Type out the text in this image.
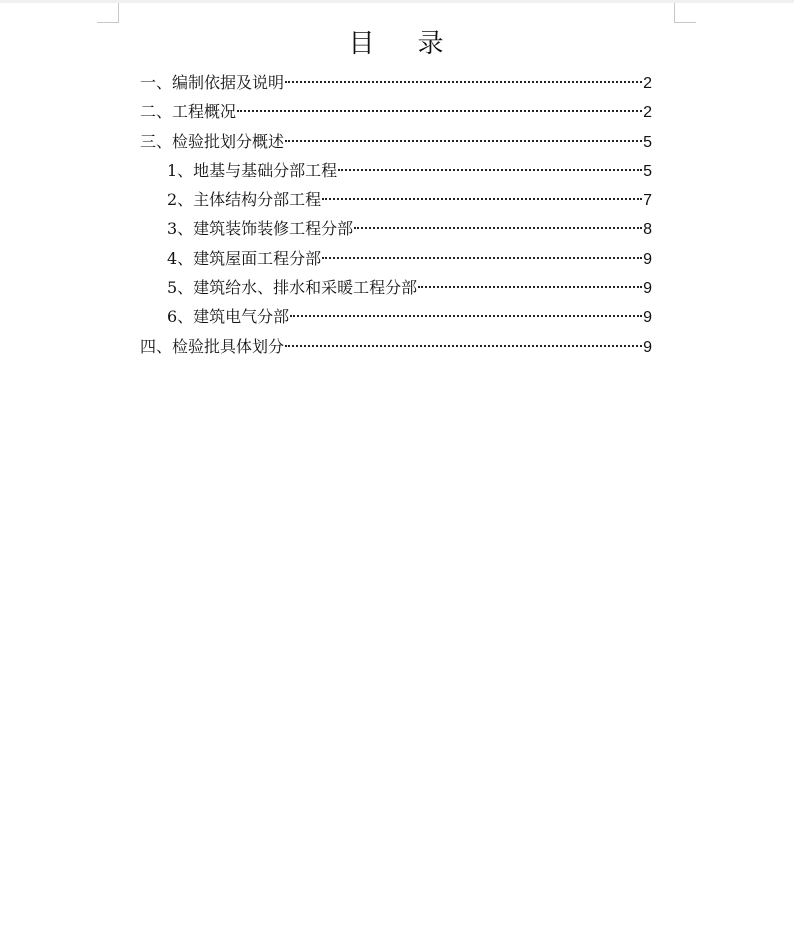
目    录
一、编制依据及说明	2
二、工程概况	2
三、检验批划分概述	5
1、地基与基础分部工程	5
2、主体结构分部工程	7
3、建筑装饰装修工程分部	8
4、建筑屋面工程分部	9
5、建筑给水、排水和采暖工程分部	9
6、建筑电气分部	9
四、检验批具体划分	9
